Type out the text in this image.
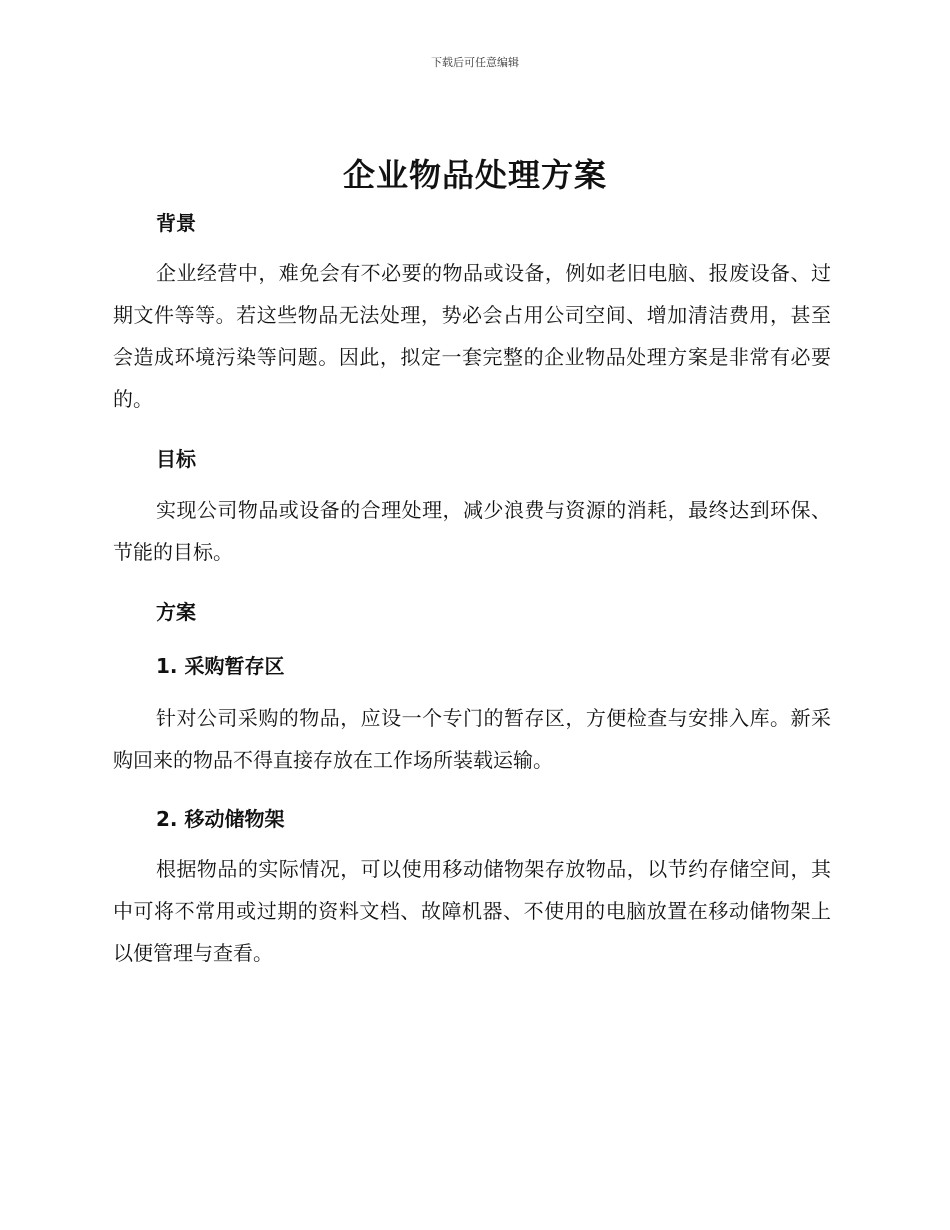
下载后可任意编辑
企业物品处理方案
背景
企业经营中，难免会有不必要的物品或设备，例如老旧电脑、报废设备、过期文件等等。若这些物品无法处理，势必会占用公司空间、增加清洁费用，甚至会造成环境污染等问题。因此，拟定一套完整的企业物品处理方案是非常有必要的。
目标
实现公司物品或设备的合理处理，减少浪费与资源的消耗，最终达到环保、节能的目标。
方案
1. 采购暂存区
针对公司采购的物品，应设一个专门的暂存区，方便检查与安排入库。新采购回来的物品不得直接存放在工作场所装载运输。
2. 移动储物架
根据物品的实际情况，可以使用移动储物架存放物品，以节约存储空间，其中可将不常用或过期的资料文档、故障机器、不使用的电脑放置在移动储物架上以便管理与查看。
